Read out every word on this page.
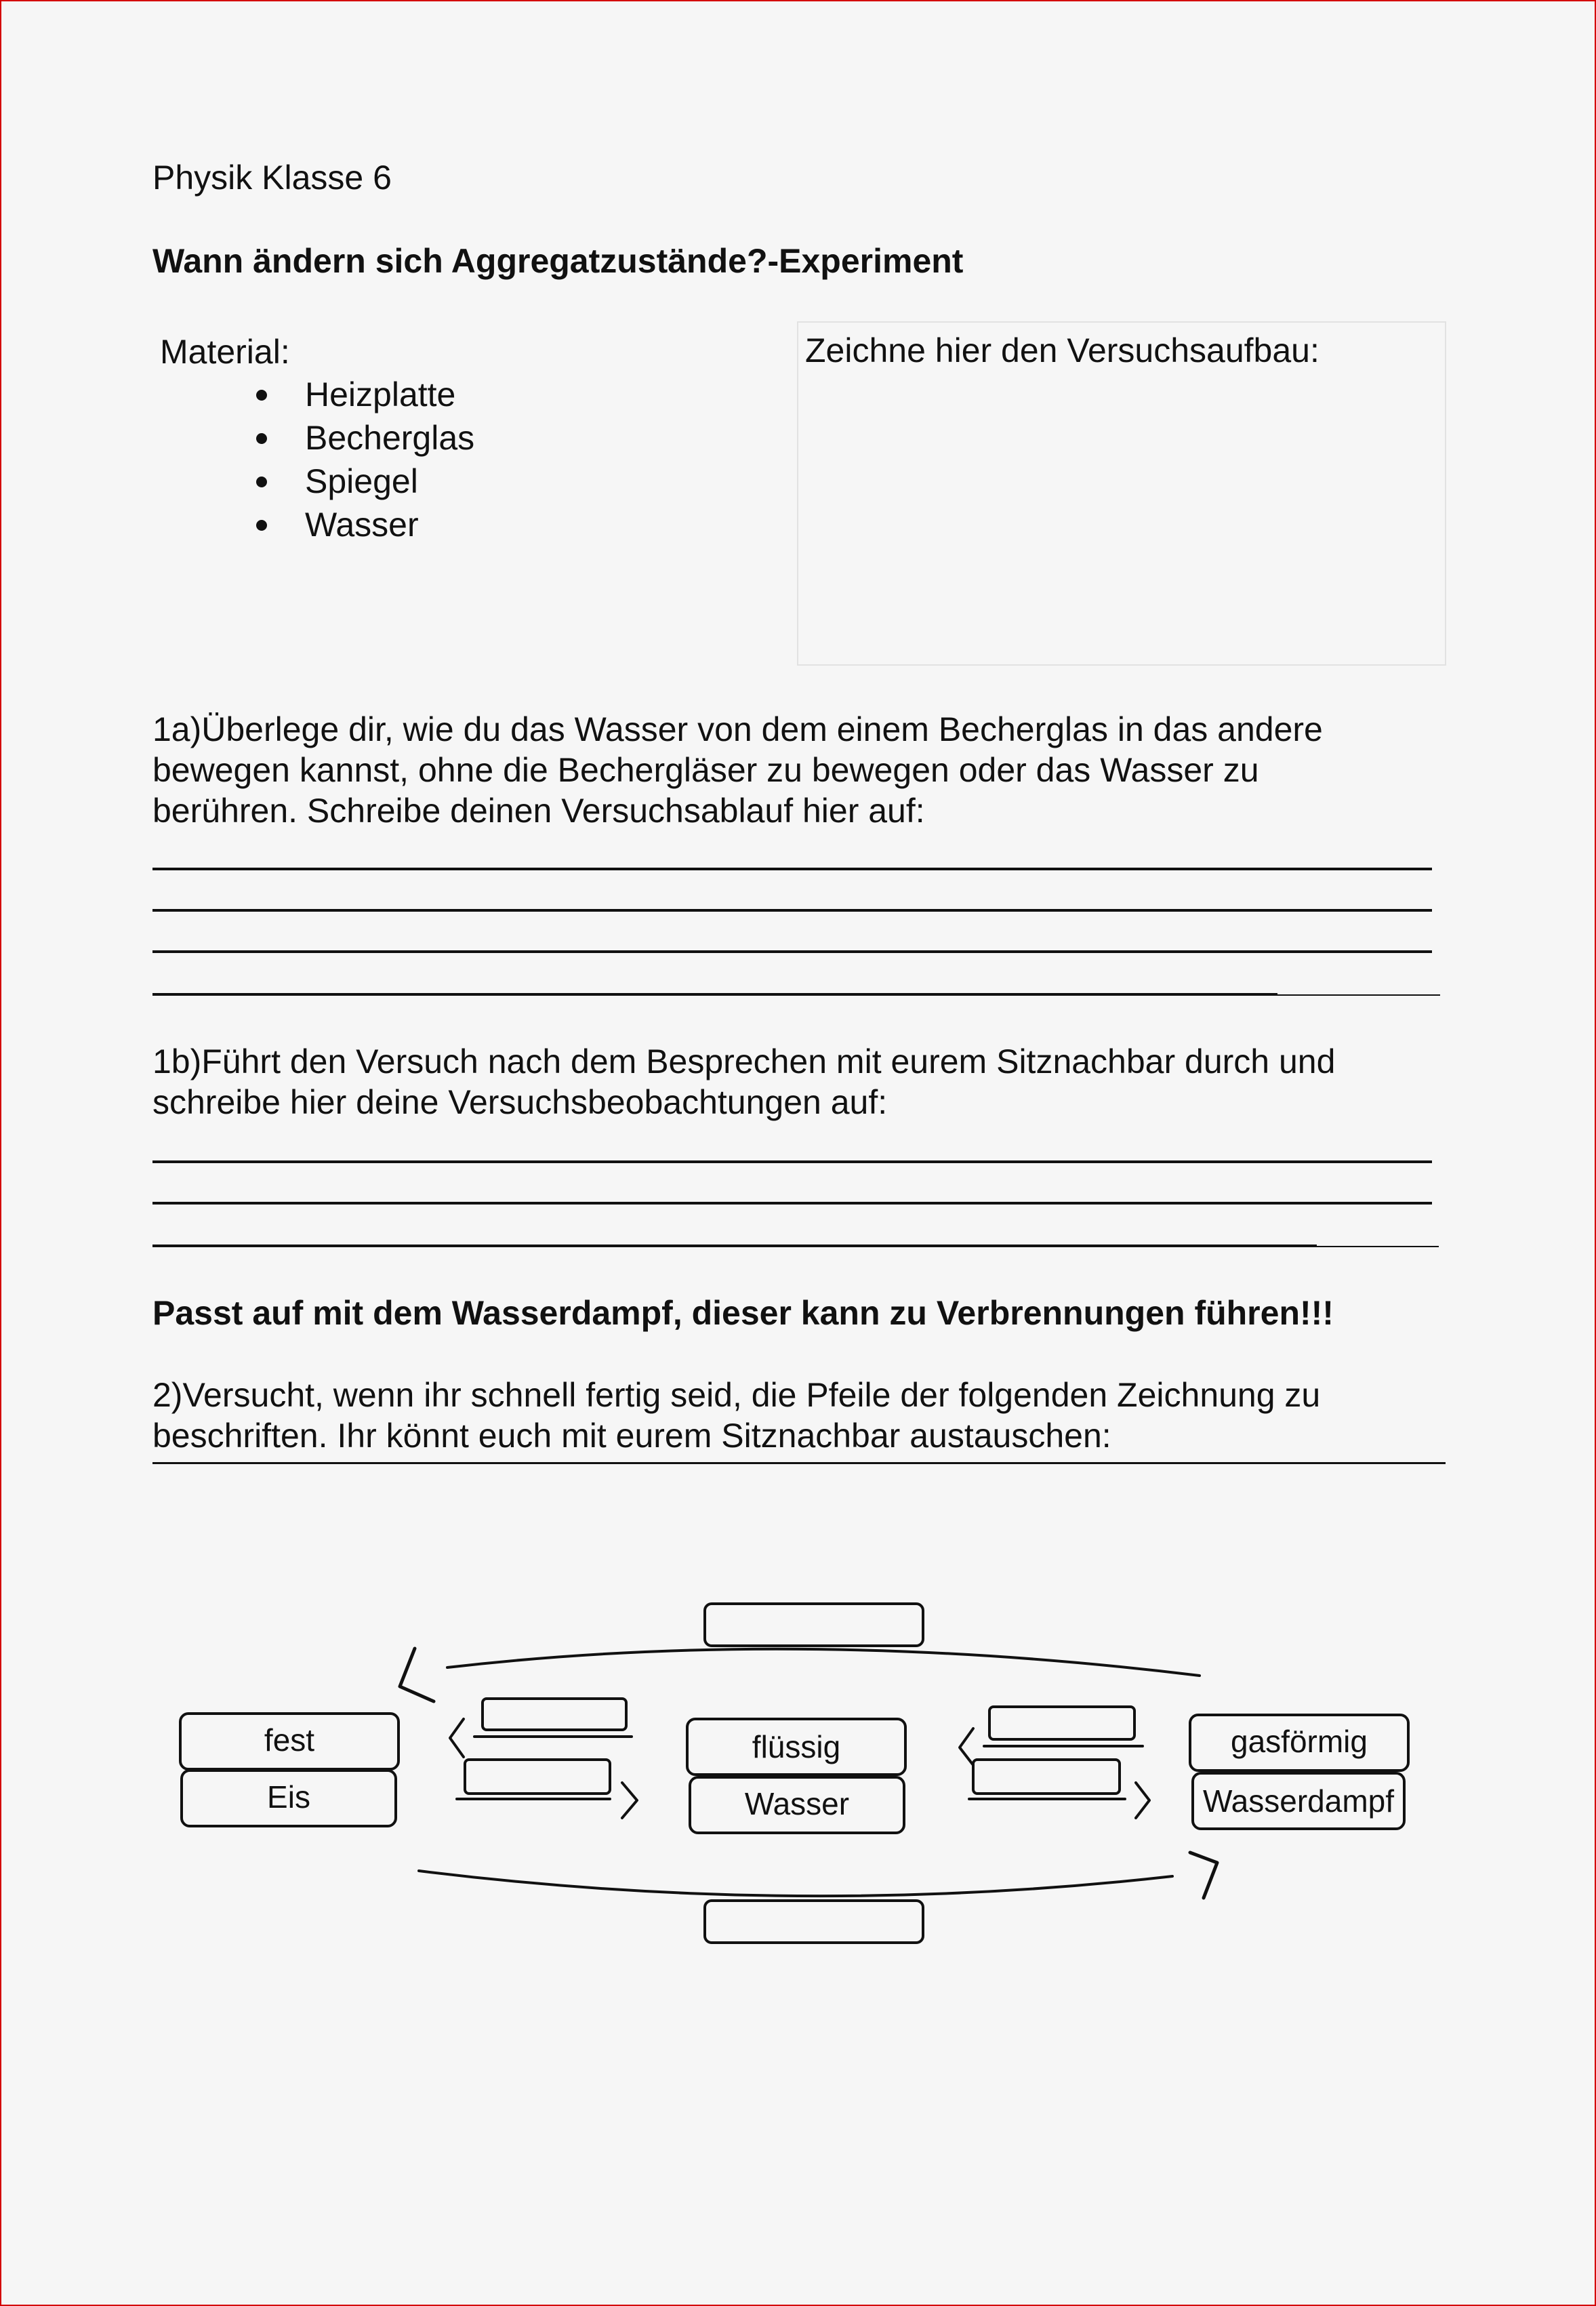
Physik Klasse 6
Wann ändern sich Aggregatzustände?-Experiment
Material:
Heizplatte
Becherglas
Spiegel
Wasser
Zeichne hier den Versuchsaufbau:
1a)Überlege dir, wie du das Wasser von dem einem Becherglas in das andere
bewegen kannst, ohne die Bechergläser zu bewegen oder das Wasser zu
berühren. Schreibe deinen Versuchsablauf hier auf:
1b)Führt den Versuch nach dem Besprechen mit eurem Sitznachbar durch und
schreibe hier deine Versuchsbeobachtungen auf:
Passt auf mit dem Wasserdampf, dieser kann zu Verbrennungen führen!!!
2)Versucht, wenn ihr schnell fertig seid, die Pfeile der folgenden Zeichnung zu
beschriften. Ihr könnt euch mit eurem Sitznachbar austauschen:
fest
Eis
flüssig
Wasser
gasförmig
Wasserdampf
